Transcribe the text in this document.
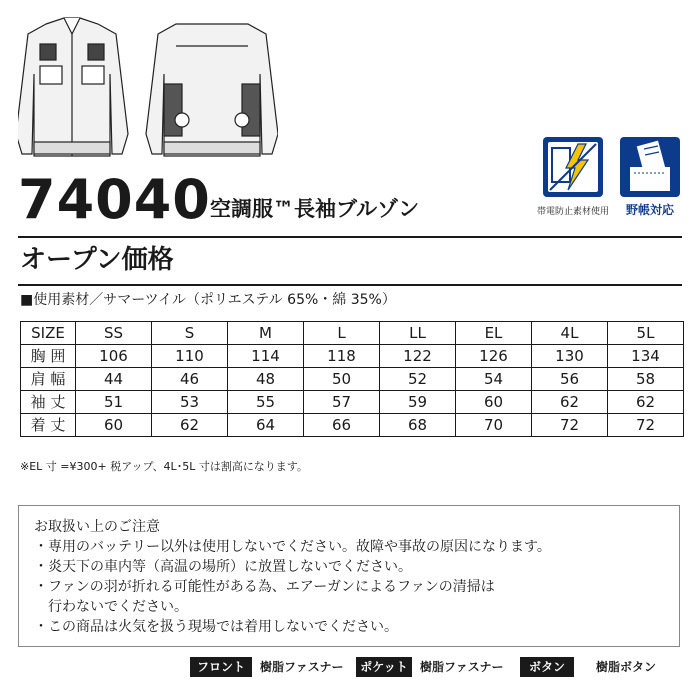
帯電防止素材使用	野帳対応
74040 空調服™長袖ブルゾン
オープン価格
■使用素材／サマーツイル（ポリエステル 65%・綿 35%）
SIZE	SS	S	M	L	LL	EL	4L	5L
胸 囲	106	110	114	118	122	126	130	134
肩 幅	44	46	48	50	52	54	56	58
袖 丈	51	53	55	57	59	60	62	62
着 丈	60	62	64	66	68	70	72	72
※EL 寸 =¥300+ 税アップ、4L･5L 寸は割高になります。
お取扱い上のご注意
・専用のバッテリー以外は使用しないでください。故障や事故の原因になります。
・炎天下の車内等（高温の場所）に放置しないでください。
・ファンの羽が折れる可能性がある為、エアーガンによるファンの清掃は
　行わないでください。
・この商品は火気を扱う現場では着用しないでください。
フロント	樹脂ファスナー	ポケット	樹脂ファスナー	ボタン	樹脂ボタン
